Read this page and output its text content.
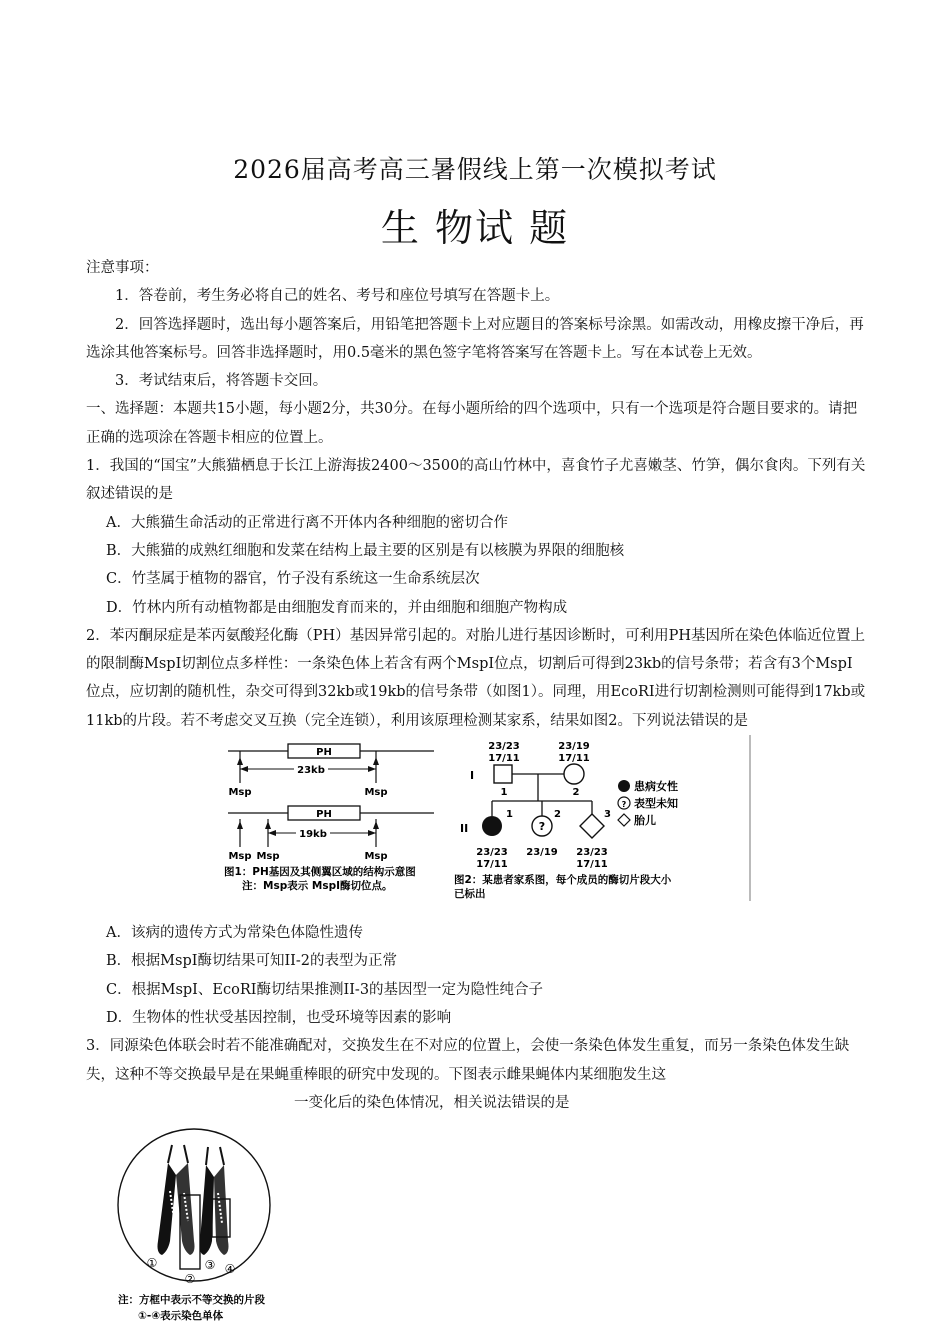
2026届高考高三暑假线上第一次模拟考试
生 物试 题

注意事项：

1．答卷前，考生务必将自己的姓名、考号和座位号填写在答题卡上。

2．回答选择题时，选出每小题答案后，用铅笔把答题卡上对应题目的答案标号涂黑。如需改动，用橡皮擦干净后，再选涂其他答案标号。回答非选择题时，用0.5毫米的黑色签字笔将答案写在答题卡上。写在本试卷上无效。

3．考试结束后，将答题卡交回。

一、选择题：本题共15小题，每小题2分，共30分。在每小题所给的四个选项中，只有一个选项是符合题目要求的。请把正确的选项涂在答题卡相应的位置上。

1．我国的“国宝”大熊猫栖息于长江上游海拔2400～3500的高山竹林中，喜食竹子尤喜嫩茎、竹笋，偶尔食肉。下列有关叙述错误的是

A．大熊猫生命活动的正常进行离不开体内各种细胞的密切合作

B．大熊猫的成熟红细胞和发菜在结构上最主要的区别是有以核膜为界限的细胞核

C．竹茎属于植物的器官，竹子没有系统这一生命系统层次

D．竹林内所有动植物都是由细胞发育而来的，并由细胞和细胞产物构成

2．苯丙酮尿症是苯丙氨酸羟化酶（PH）基因异常引起的。对胎儿进行基因诊断时，可利用PH基因所在染色体临近位置上的限制酶MspI切割位点多样性：一条染色体上若含有两个MspI位点，切割后可得到23kb的信号条带；若含有3个MspI位点，应切割的随机性，杂交可得到32kb或19kb的信号条带（如图1）。同理，用EcoRI进行切割检测则可能得到17kb或11kb的片段。若不考虑交叉互换（完全连锁），利用该原理检测某家系，结果如图2。下列说法错误的是

PH
23kb
Msp	Msp
PH
19kb
Msp Msp	Msp
图1：PH基因及其侧翼区域的结构示意图
注：Msp表示 MspI酶切位点。
23/23
17/11
23/19
17/11
I
1	2
II
1
?
2	3
23/23
17/11
23/19 23/23
17/11
患病女性
? 表型未知
胎儿
图2：某患者家系图，每个成员的酶切片段大小
已标出

A．该病的遗传方式为常染色体隐性遗传

B．根据MspI酶切结果可知II-2的表型为正常

C．根据MspI、EcoRI酶切结果推测II-3的基因型一定为隐性纯合子

D．生物体的性状受基因控制，也受环境等因素的影响

3．同源染色体联会时若不能准确配对，交换发生在不对应的位置上，会使一条染色体发生重复，而另一条染色体发生缺失，这种不等交换最早是在果蝇重棒眼的研究中发现的。下图表示雌果蝇体内某细胞发生这一变化后的染色体情况，相关说法错误的是

①
②
③ ④
注：方框中表示不等交换的片段
①-④表示染色单体
